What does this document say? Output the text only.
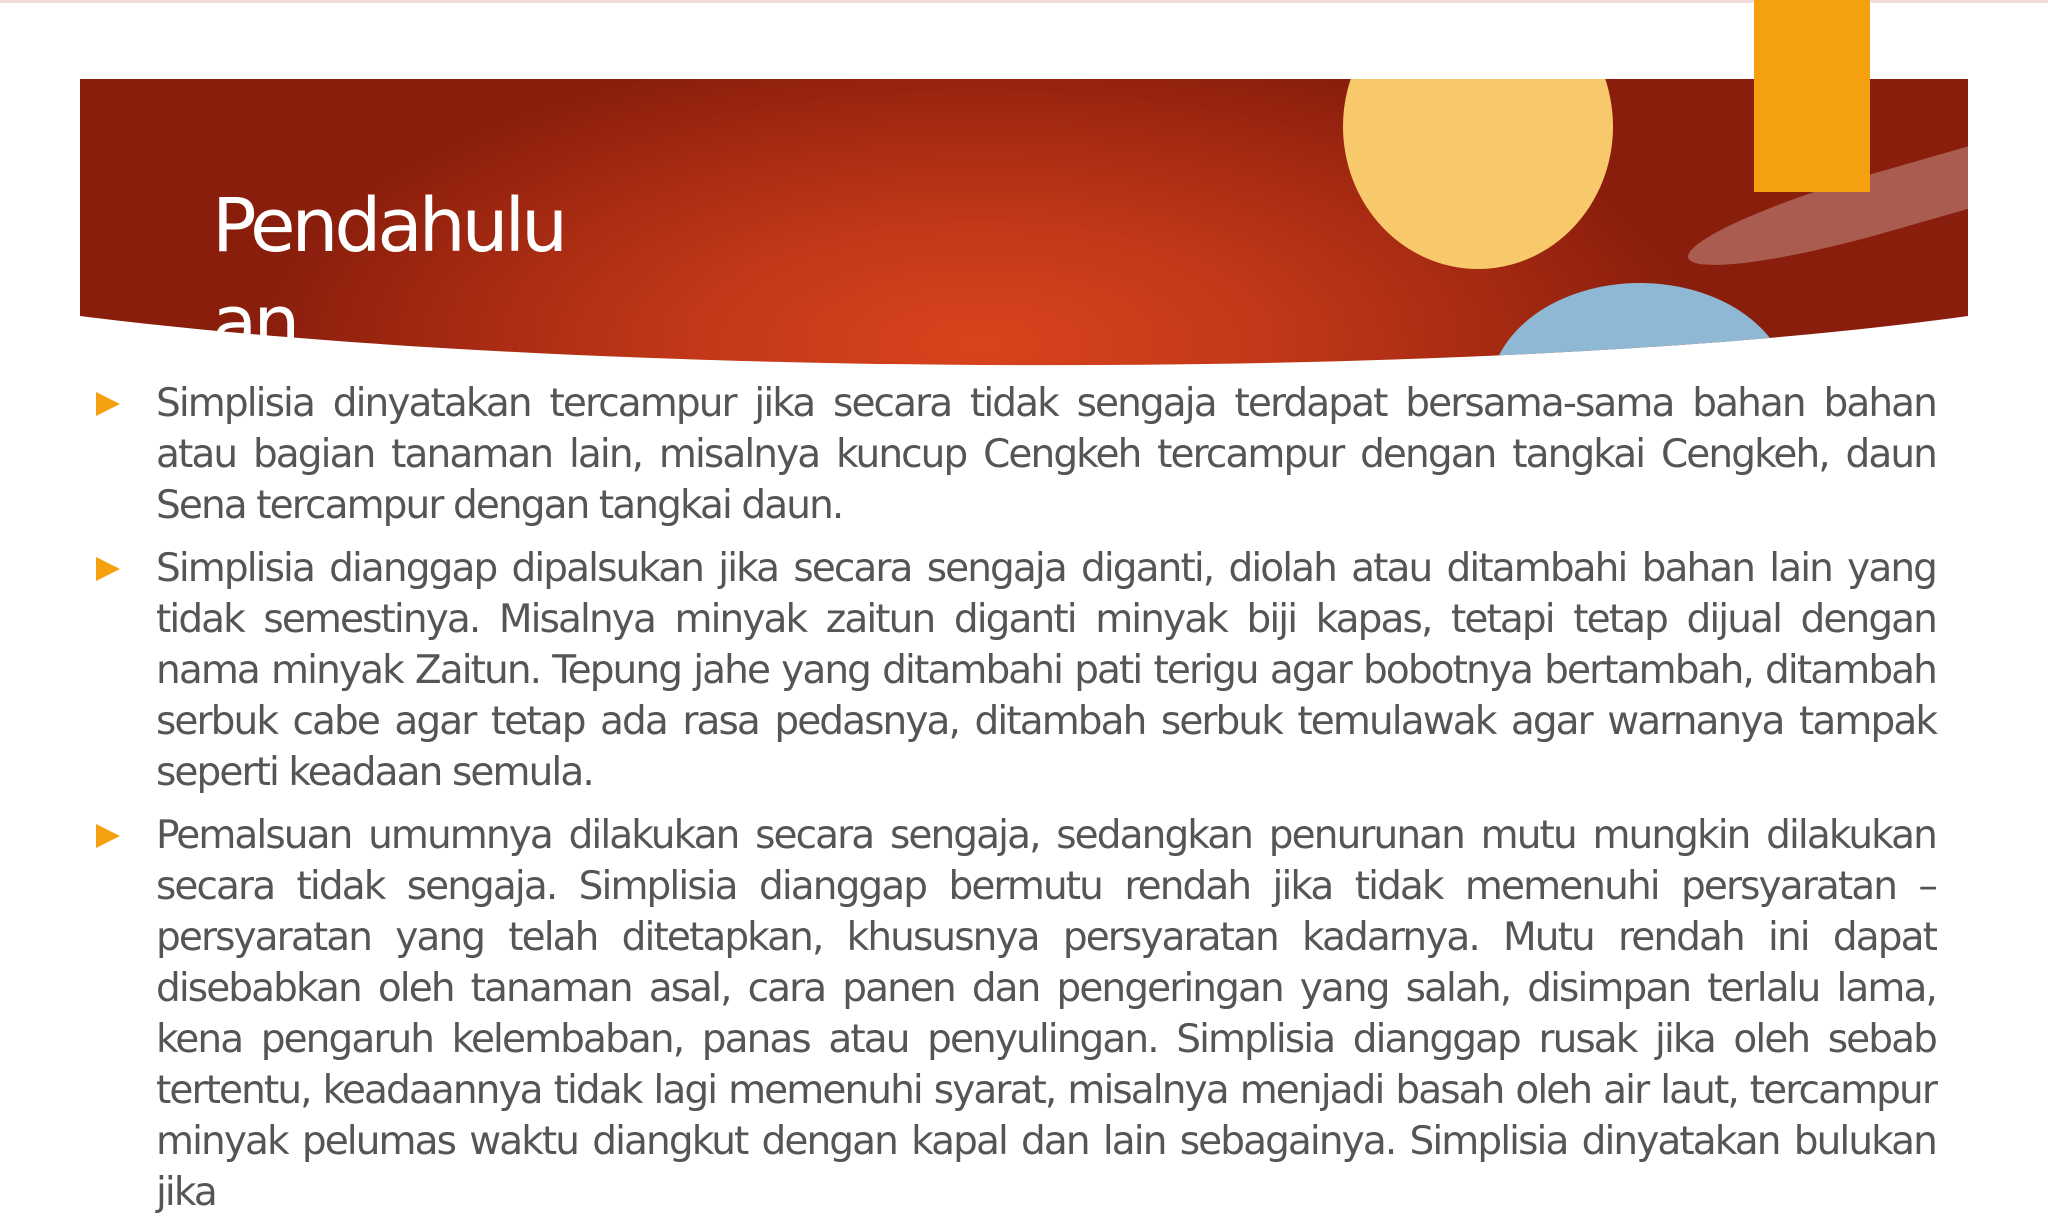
Pendahuluan
Simplisia dinyatakan tercampur jika secara tidak sengaja terdapat bersama-sama bahan bahan atau bagian tanaman lain, misalnya kuncup Cengkeh tercampur dengan tangkai Cengkeh, daun Sena tercampur dengan tangkai daun.
Simplisia dianggap dipalsukan jika secara sengaja diganti, diolah atau ditambahi bahan lain yang tidak semestinya. Misalnya minyak zaitun diganti minyak biji kapas, tetapi tetap dijual dengan nama minyak Zaitun. Tepung jahe yang ditambahi pati terigu agar bobotnya bertambah, ditambah serbuk cabe agar tetap ada rasa pedasnya, ditambah serbuk temulawak agar warnanya tampak seperti keadaan semula.
Pemalsuan umumnya dilakukan secara sengaja, sedangkan penurunan mutu mungkin dilakukan secara tidak sengaja. Simplisia dianggap bermutu rendah jika tidak memenuhi persyaratan – persyaratan yang telah ditetapkan, khususnya persyaratan kadarnya. Mutu rendah ini dapat disebabkan oleh tanaman asal, cara panen dan pengeringan yang salah, disimpan terlalu lama, kena pengaruh kelembaban, panas atau penyulingan. Simplisia dianggap rusak jika oleh sebab tertentu, keadaannya tidak lagi memenuhi syarat, misalnya menjadi basah oleh air laut, tercampur minyak pelumas waktu diangkut dengan kapal dan lain sebagainya. Simplisia dinyatakan bulukan jika
